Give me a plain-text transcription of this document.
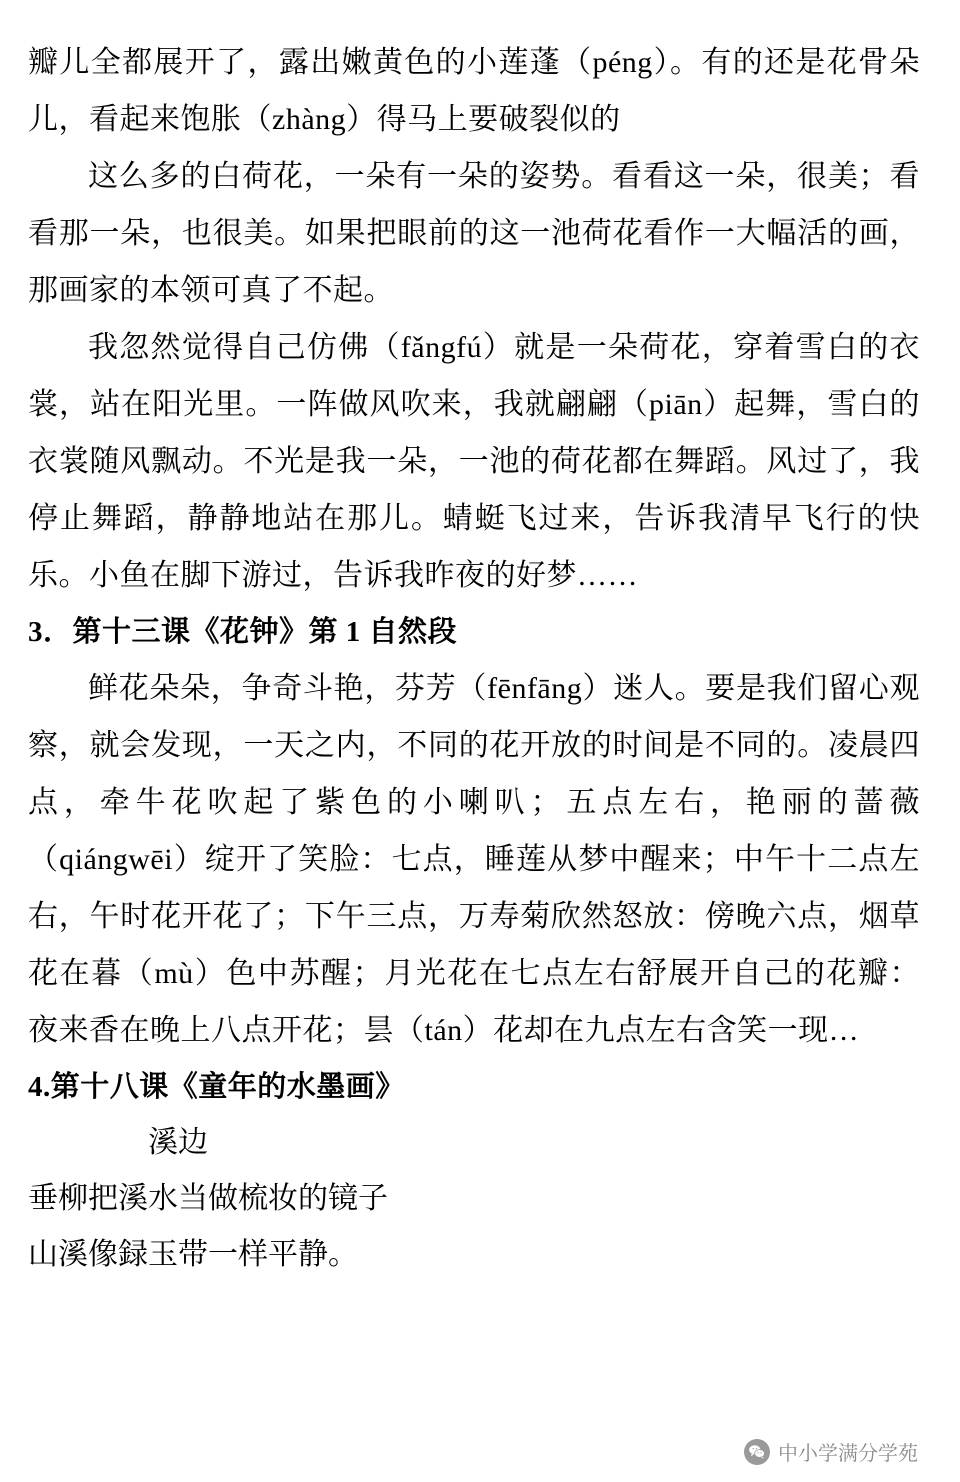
瓣儿全都展开了，露出嫩黄色的小莲蓬（péng）。有的还是花骨朵儿，看起来饱胀（zhàng）得马上要破裂似的

这么多的白荷花，一朵有一朵的姿势。看看这一朵，很美；看看那一朵，也很美。如果把眼前的这一池荷花看作一大幅活的画，那画家的本领可真了不起。

我忽然觉得自己仿佛（fǎngfú）就是一朵荷花，穿着雪白的衣裳，站在阳光里。一阵做风吹来，我就翩翩（piān）起舞，雪白的衣裳随风飘动。不光是我一朵，一池的荷花都在舞蹈。风过了，我停止舞蹈，静静地站在那儿。蜻蜓飞过来，告诉我清早飞行的快乐。小鱼在脚下游过，告诉我昨夜的好梦……

3．第十三课《花钟》第 1 自然段

鲜花朵朵，争奇斗艳，芬芳（fēnfāng）迷人。要是我们留心观察，就会发现，一天之内，不同的花开放的时间是不同的。凌晨四点，牵牛花吹起了紫色的小喇叭；五点左右，艳丽的蔷薇（qiángwēi）绽开了笑脸：七点，睡莲从梦中醒来；中午十二点左右，午时花开花了；下午三点，万寿菊欣然怒放：傍晚六点，烟草花在暮（mù）色中苏醒；月光花在七点左右舒展开自己的花瓣：夜来香在晚上八点开花；昙（tán）花却在九点左右含笑一现…

4.第十八课《童年的水墨画》

溪边

垂柳把溪水当做梳妆的镜子

山溪像録玉带一样平静。

中小学满分学苑
